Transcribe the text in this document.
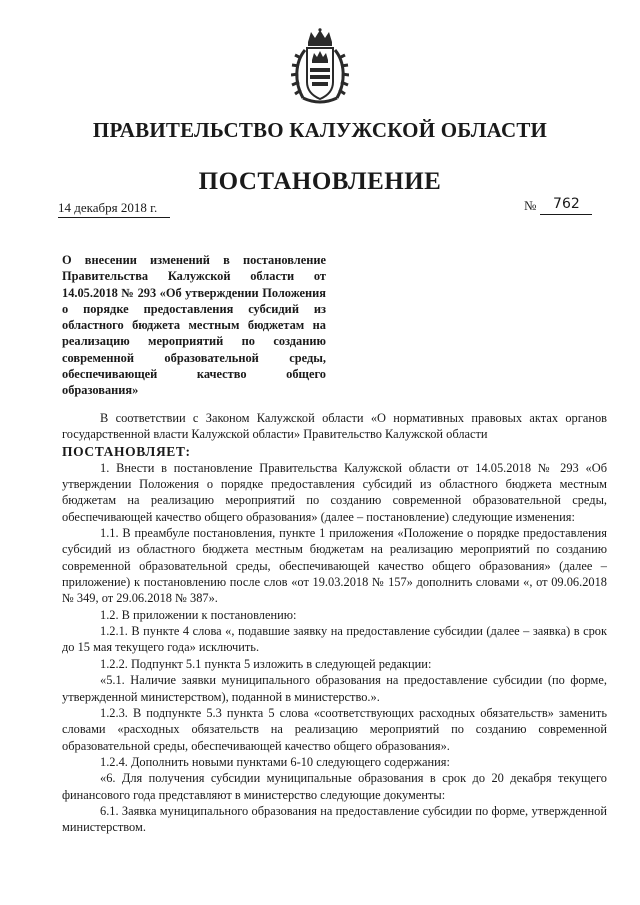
ПРАВИТЕЛЬСТВО КАЛУЖСКОЙ ОБЛАСТИ
ПОСТАНОВЛЕНИЕ
14 декабря 2018 г.	№	762
О внесении изменений в постановление Правительства Калужской области от 14.05.2018 № 293 «Об утверждении Положения о порядке предоставления субсидий из областного бюджета местным бюджетам на реализацию мероприятий по созданию современной образовательной среды, обеспечивающей качество общего образования»

В соответствии с Законом Калужской области «О нормативных правовых актах органов государственной власти Калужской области» Правительство Калужской области

ПОСТАНОВЛЯЕТ:

1. Внести в постановление Правительства Калужской области от 14.05.2018 № 293 «Об утверждении Положения о порядке предоставления субсидий из областного бюджета местным бюджетам на реализацию мероприятий по созданию современной образовательной среды, обеспечивающей качество общего образования» (далее – постановление) следующие изменения:

1.1. В преамбуле постановления, пункте 1 приложения «Положение о порядке предоставления субсидий из областного бюджета местным бюджетам на реализацию мероприятий по созданию современной образовательной среды, обеспечивающей качество общего образования» (далее – приложение) к постановлению после слов «от 19.03.2018 № 157» дополнить словами «, от 09.06.2018 № 349, от 29.06.2018 № 387».

1.2. В приложении к постановлению:

1.2.1. В пункте 4 слова «, подавшие заявку на предоставление субсидии (далее – заявка) в срок до 15 мая текущего года» исключить.

1.2.2. Подпункт 5.1 пункта 5 изложить в следующей редакции:

«5.1. Наличие заявки муниципального образования на предоставление субсидии (по форме, утвержденной министерством), поданной в министерство.».

1.2.3. В подпункте 5.3 пункта 5 слова «соответствующих расходных обязательств» заменить словами «расходных обязательств на реализацию мероприятий по созданию современной образовательной среды, обеспечивающей качество общего образования».

1.2.4. Дополнить новыми пунктами 6-10 следующего содержания:

«6. Для получения субсидии муниципальные образования в срок до 20 декабря текущего финансового года представляют в министерство следующие документы:

6.1. Заявка муниципального образования на предоставление субсидии по форме, утвержденной министерством.
